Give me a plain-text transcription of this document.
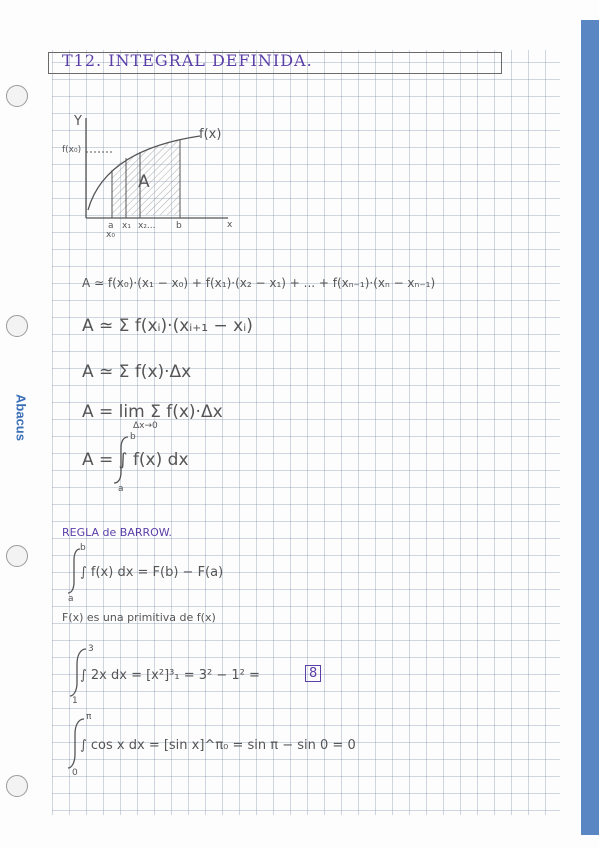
Abacus
T12. INTEGRAL DEFINIDA.
Y
f(x)
f(x₀)
A
x
a x₁ x₂... b
x₀
A ≃ f(x₀)·(x₁ − x₀) + f(x₁)·(x₂ − x₁) + ... + f(xₙ₋₁)·(xₙ − xₙ₋₁)
A ≃ Σ f(xᵢ)·(xᵢ₊₁ − xᵢ)
A ≃ Σ f(x)·Δx
A = lim Σ f(x)·Δx
Δx→0
A = ∫ f(x) dx
a
b
REGLA de BARROW.
∫ f(x) dx = F(b) − F(a)
a
b
F(x) es una primitiva de f(x)
∫ 2x dx = [x²]³₁ = 3² − 1² =
1
3
8
∫ cos x dx = [sin x]^π₀ = sin π − sin 0 = 0
0
π
